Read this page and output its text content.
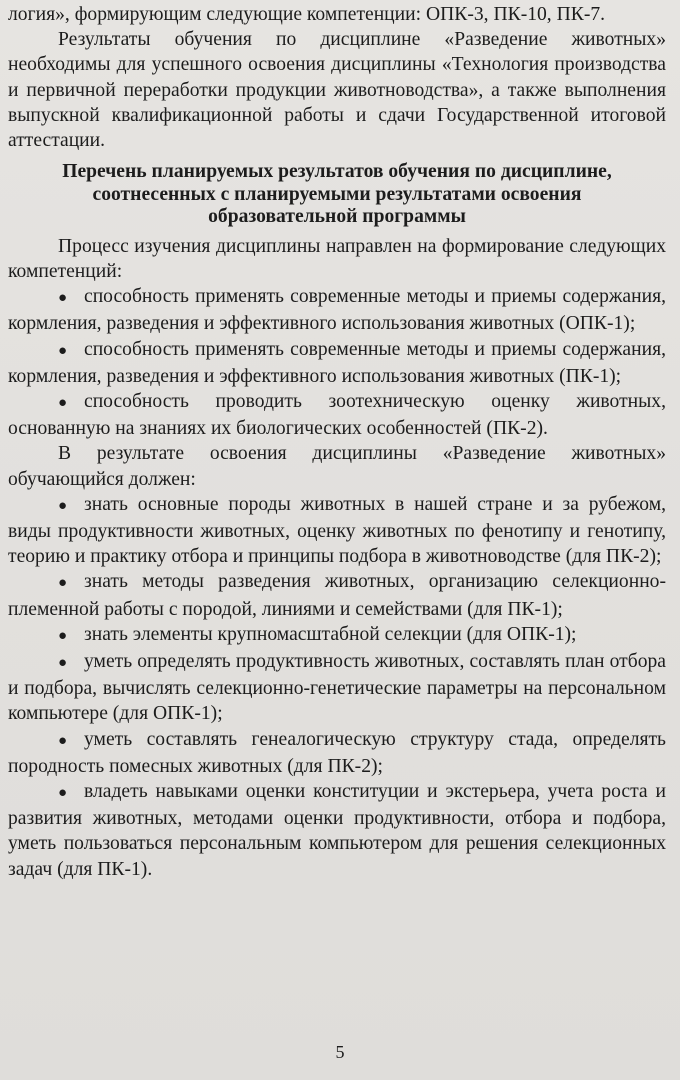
логия», формирующим следующие компетенции: ОПК-3, ПК-10, ПК-7.

Результаты обучения по дисциплине «Разведение животных» необходимы для успешного освоения дисциплины «Технология производства и первичной переработки продукции животноводства», а также выполнения выпускной квалификационной работы и сдачи Государственной итоговой аттестации.

Перечень планируемых результатов обучения по дисциплине,
соотнесенных с планируемыми результатами освоения
образовательной программы

Процесс изучения дисциплины направлен на формирование следующих компетенций:

● способность применять современные методы и приемы содержания, кормления, разведения и эффективного использования животных (ОПК-1);
● способность применять современные методы и приемы содержания, кормления, разведения и эффективного использования животных (ПК-1);
● способность проводить зоотехническую оценку животных, основанную на знаниях их биологических особенностей (ПК-2).

В результате освоения дисциплины «Разведение животных» обучающийся должен:

● знать основные породы животных в нашей стране и за рубежом, виды продуктивности животных, оценку животных по фенотипу и генотипу, теорию и практику отбора и принципы подбора в животноводстве (для ПК-2);
● знать методы разведения животных, организацию селекционно-племенной работы с породой, линиями и семействами (для ПК-1);
● знать элементы крупномасштабной селекции (для ОПК-1);
● уметь определять продуктивность животных, составлять план отбора и подбора, вычислять селекционно-генетические параметры на персональном компьютере (для ОПК-1);
● уметь составлять генеалогическую структуру стада, определять породность помесных животных (для ПК-2);
● владеть навыками оценки конституции и экстерьера, учета роста и развития животных, методами оценки продуктивности, отбора и подбора, уметь пользоваться персональным компьютером для решения селекционных задач (для ПК-1).
5
